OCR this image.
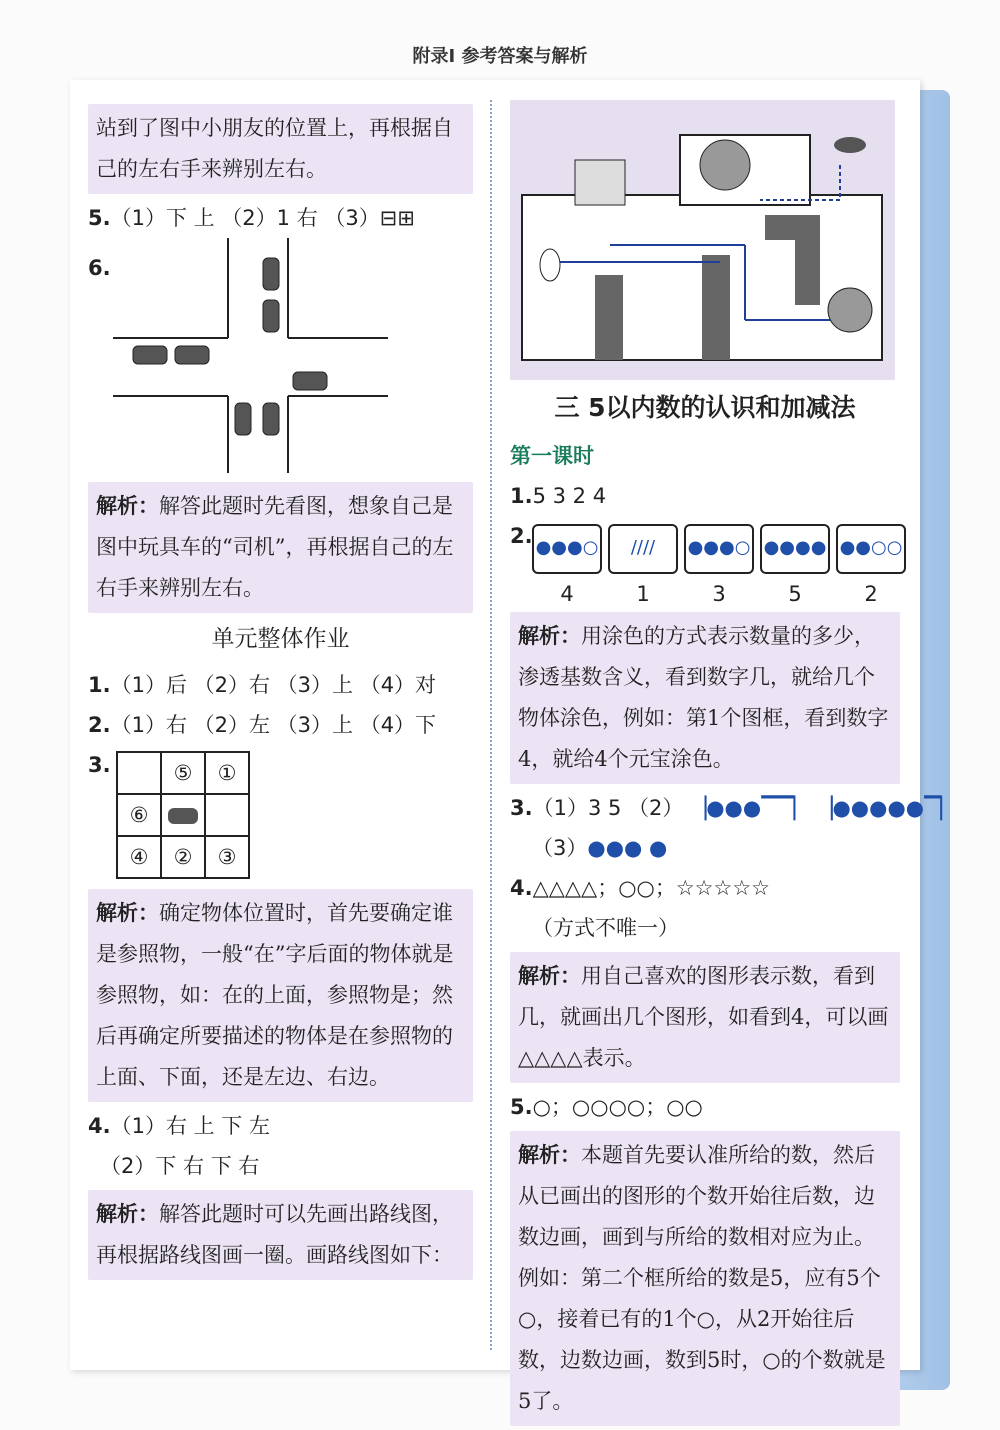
附录Ⅰ 参考答案与解析
站到了图中小朋友的位置上，再根据自己的左右手来辨别左右。
5.（1）下 上 （2）1 右 （3）⊟⊞
6.
解析：解答此题时先看图，想象自己是图中玩具车的“司机”，再根据自己的左右手来辨别左右。
单元整体作业
1.（1）后 （2）右 （3）上 （4）对
2.（1）右 （2）左 （3）上 （4）下
3.	⑤	①
⑥
④	②	③
解析：确定物体位置时，首先要确定谁是参照物，一般“在”字后面的物体就是参照物，如：在的上面，参照物是；然后再确定所要描述的物体是在参照物的上面、下面，还是左边、右边。
4.（1）右 上 下 左
（2）下 右 下 右
解析：解答此题时可以先画出路线图，再根据路线图画一圈。画路线图如下：
三 5以内数的认识和加减法
第一课时
1.5 3 2 4
2. ●●●○	////	●●●○ ●●●● ●●○○
4	1	3	5	2
解析：用涂色的方式表示数量的多少，渗透基数含义，看到数字几，就给几个物体涂色，例如：第1个图框，看到数字4，就给4个元宝涂色。
3.（1）3 5 （2） ▕●●●▔▔▏ ▕●●●●●▔▏
（3）●●● ●
4.△△△△；○○；☆☆☆☆☆
（方式不唯一）
解析：用自己喜欢的图形表示数，看到几，就画出几个图形，如看到4，可以画△△△△表示。
5.○；○○○○；○○
解析：本题首先要认准所给的数，然后从已画出的图形的个数开始往后数，边数边画，画到与所给的数相对应为止。例如：第二个框所给的数是5，应有5个○，接着已有的1个○，从2开始往后数，边数边画，数到5时，○的个数就是5了。
